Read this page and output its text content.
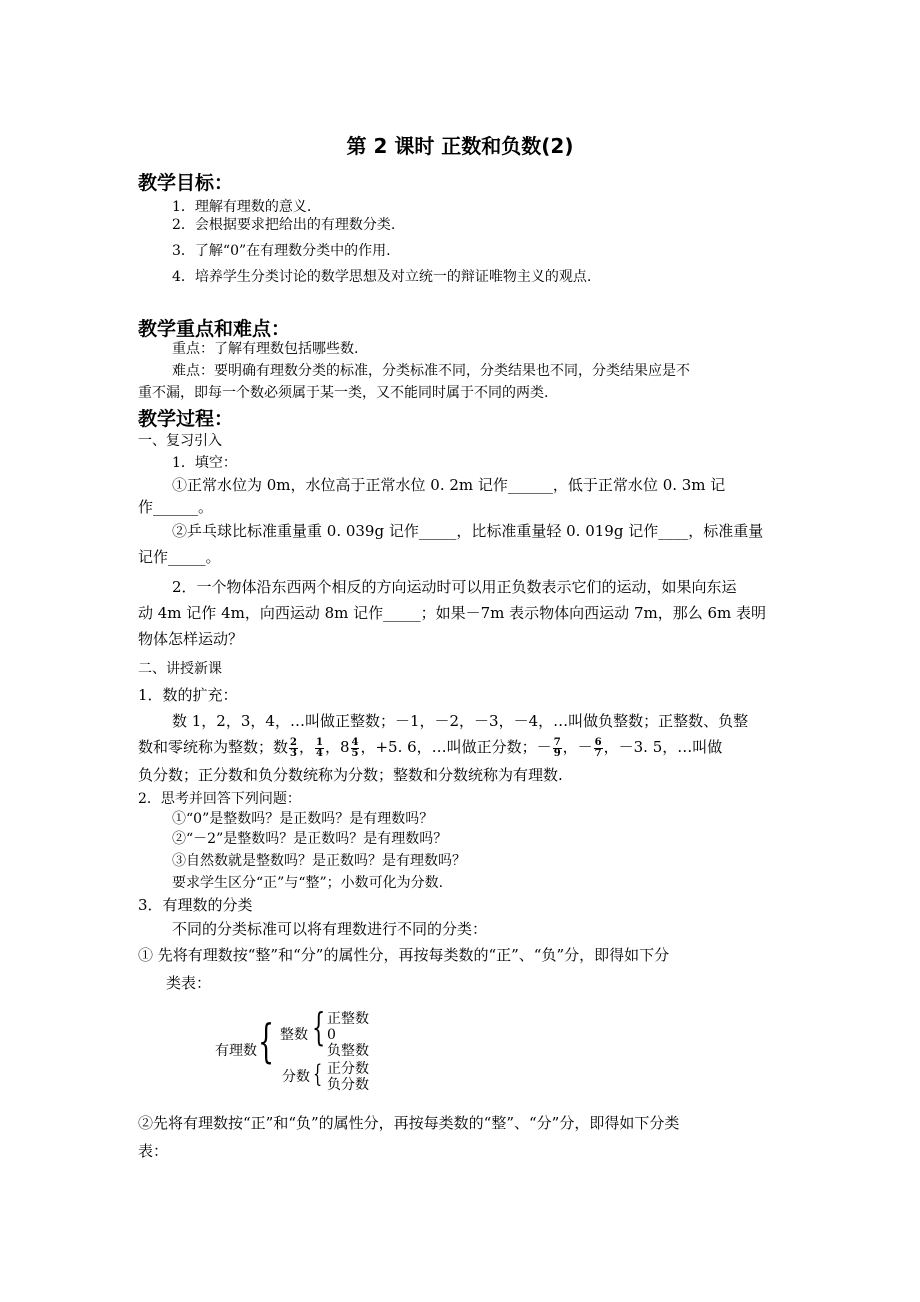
第 2 课时 正数和负数(2)
教学目标：
1．理解有理数的意义.
2．会根据要求把给出的有理数分类.
3．了解“0”在有理数分类中的作用.
4．培养学生分类讨论的数学思想及对立统一的辩证唯物主义的观点.
教学重点和难点：
重点：了解有理数包括哪些数.
难点：要明确有理数分类的标准，分类标准不同，分类结果也不同，分类结果应是不
重不漏，即每一个数必须属于某一类，又不能同时属于不同的两类.
教学过程：
一、复习引入
1．填空：
①正常水位为 0m，水位高于正常水位 0. 2m 记作______，低于正常水位 0. 3m 记
作______。
②乒乓球比标准重量重 0. 039g 记作_____，比标准重量轻 0. 019g 记作____，标准重量
记作_____。
2．一个物体沿东西两个相反的方向运动时可以用正负数表示它们的运动，如果向东运
动 4m 记作 4m，向西运动 8m 记作_____；如果－7m 表示物体向西运动 7m，那么 6m 表明
物体怎样运动？
二、讲授新课
1．数的扩充：
数 1，2，3，4，…叫做正整数；－1，－2，－3，－4，…叫做负整数；正整数、负整
数和零统称为整数；数 $\frac{2}{3}$ ， $\frac{1}{4}$ ，$8 \frac{4}{5}$ ，+5. 6，…叫做正分数；－ $\frac{7}{9}$ ，－ $\frac{6}{7}$ ，－3. 5，…叫做
负分数；正分数和负分数统称为分数；整数和分数统称为有理数.
2．思考并回答下列问题：
①“0”是整数吗？是正数吗？是有理数吗？
②“－2”是整数吗？是正数吗？是有理数吗？
③自然数就是整数吗？是正数吗？是有理数吗？
要求学生区分“正”与“整”；小数可化为分数.
3．有理数的分类
不同的分类标准可以将有理数进行不同的分类：
① 先将有理数按“整”和“分”的属性分，再按每类数的“正”、“负”分，即得如下分
类表：
有理数 { 整数 { 正整数
0
负整数
分数 { 正分数
负分数
②先将有理数按“正”和“负”的属性分，再按每类数的“整”、“分”分，即得如下分类
表：
